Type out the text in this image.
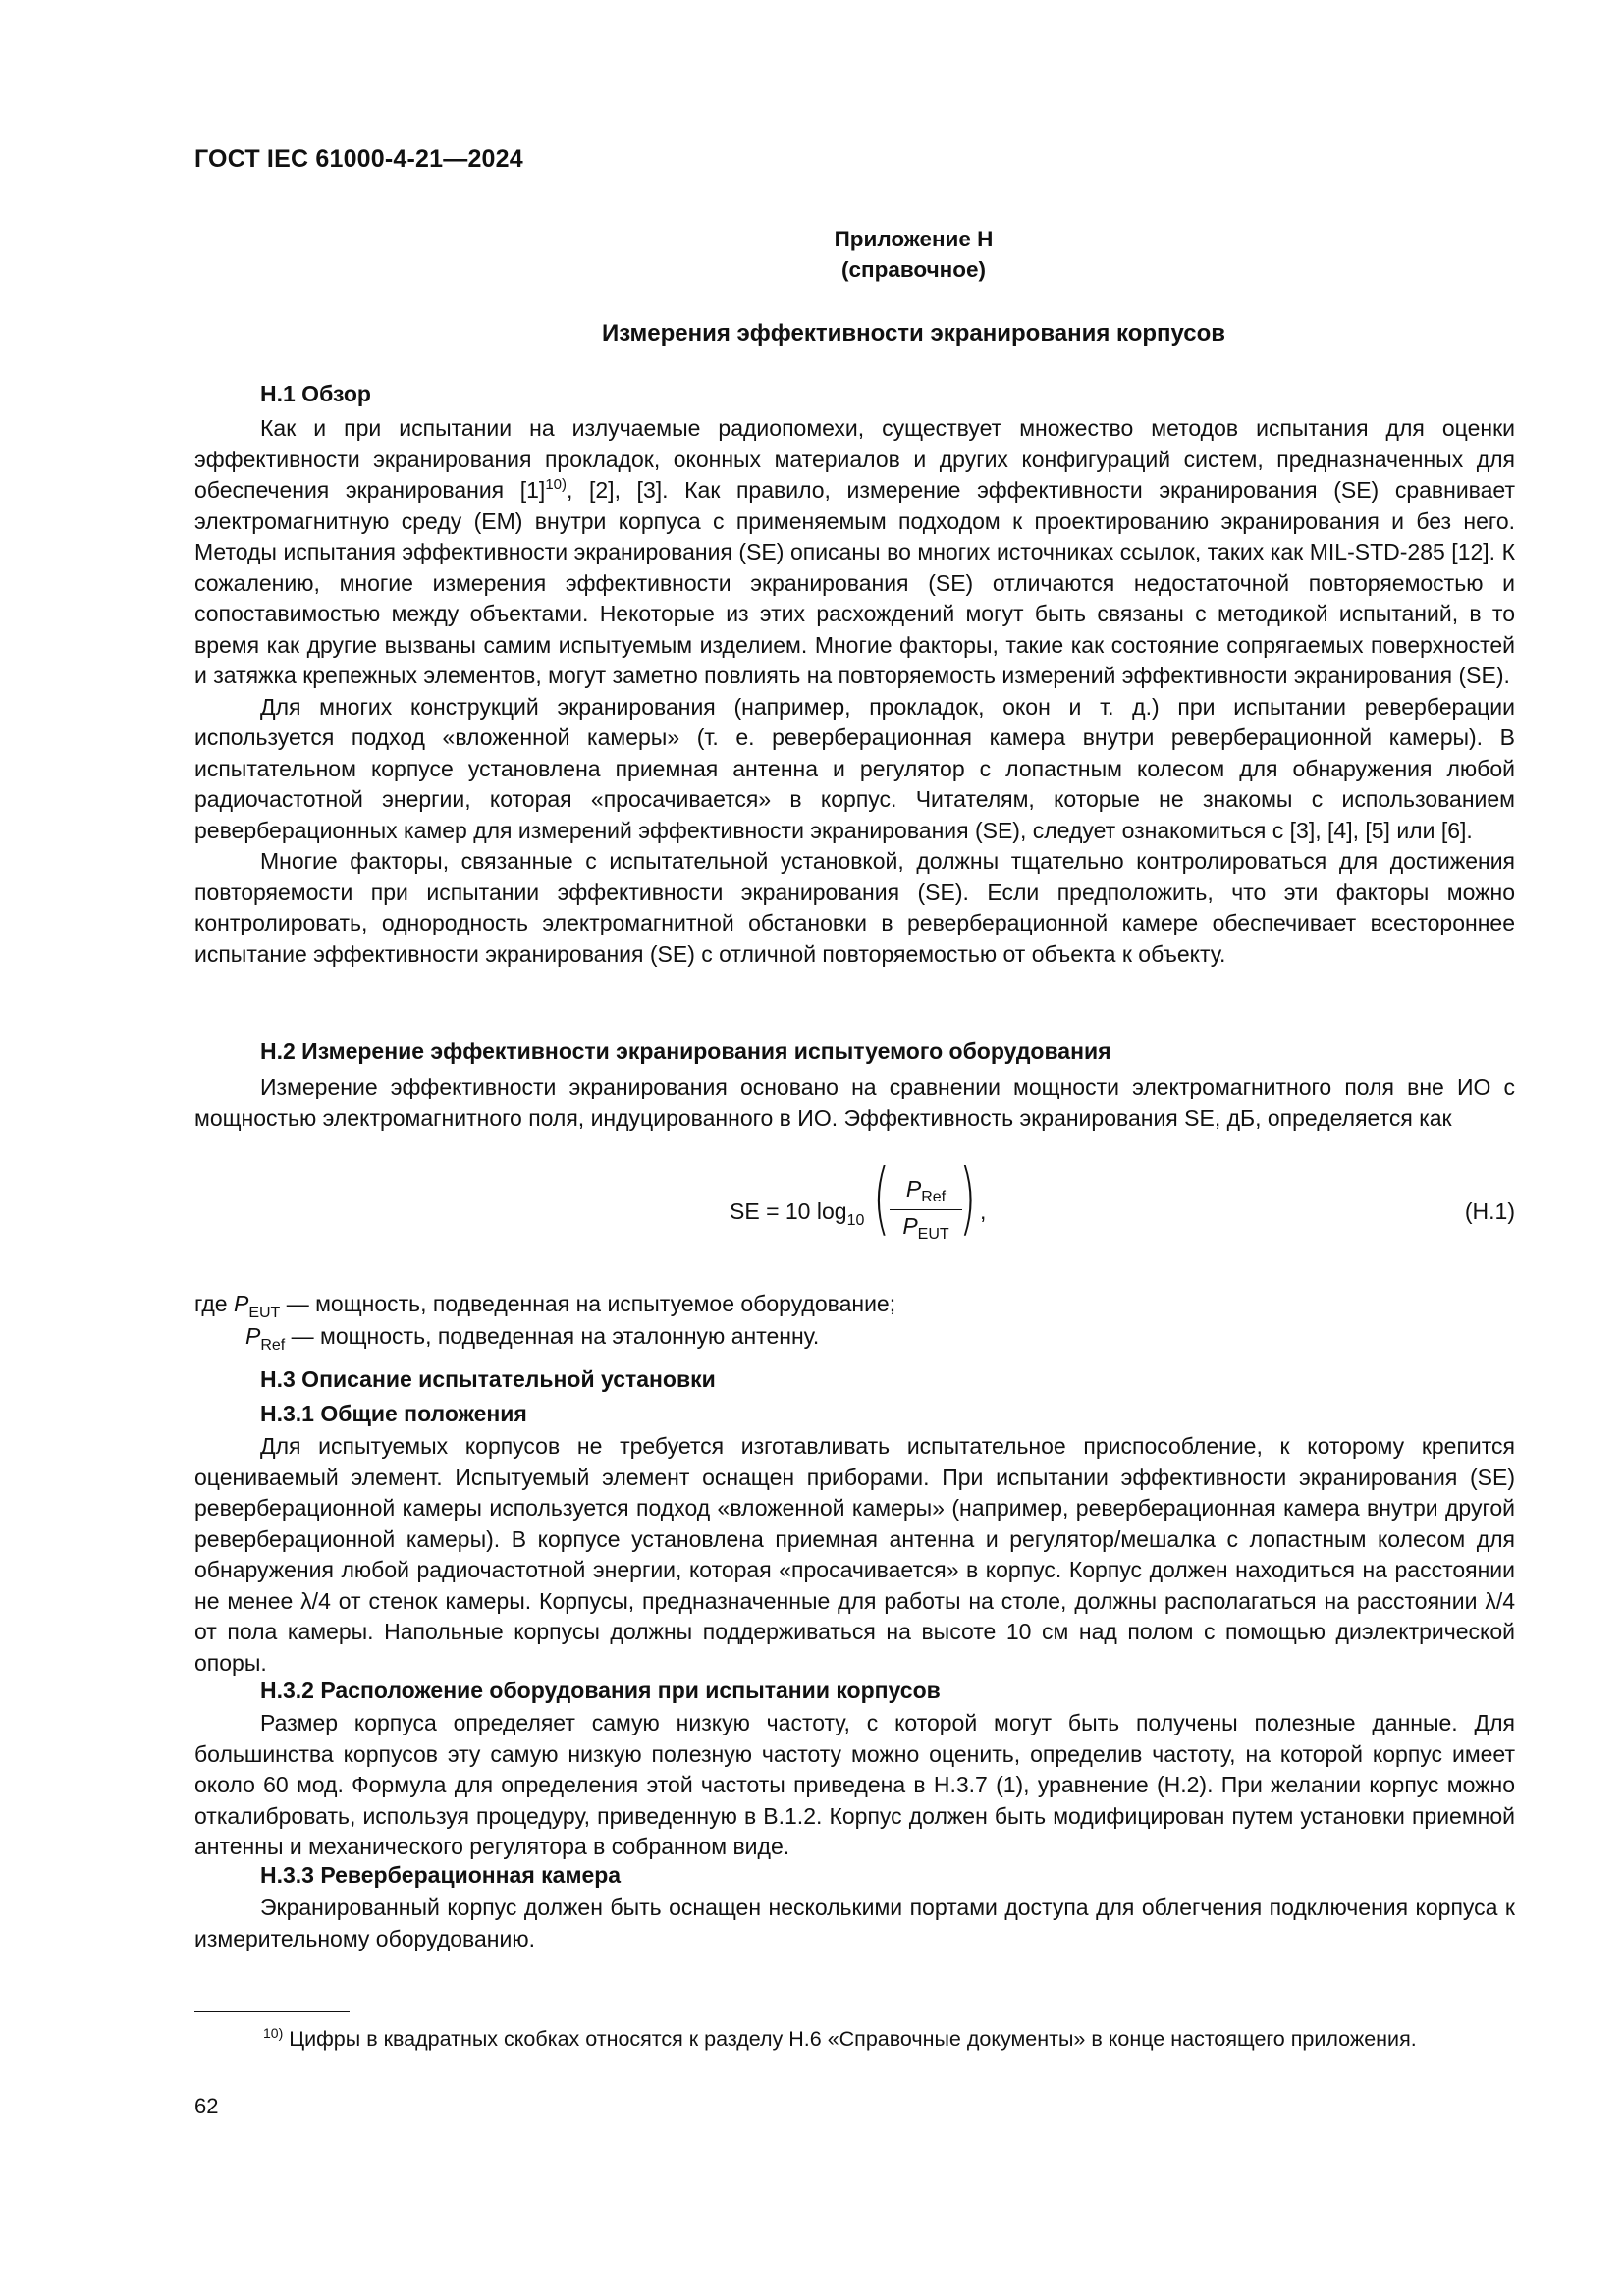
ГОСТ IEC 61000-4-21—2024
Приложение Н
(справочное)
Измерения эффективности экранирования корпусов
Н.1 Обзор

Как и при испытании на излучаемые радиопомехи, существует множество методов испытания для оценки эффективности экранирования прокладок, оконных материалов и других конфигураций систем, предназначенных для обеспечения экранирования $[1]^{10)}$, [2], [3]. Как правило, измерение эффективности экранирования (SE) сравнивает электромагнитную среду (ЕМ) внутри корпуса с применяемым подходом к проектированию экранирования и без него. Методы испытания эффективности экранирования (SE) описаны во многих источниках ссылок, таких как MIL-STD-285 [12]. К сожалению, многие измерения эффективности экранирования (SE) отличаются недостаточной повторяемостью и сопоставимостью между объектами. Некоторые из этих расхождений могут быть связаны с методикой испытаний, в то время как другие вызваны самим испытуемым изделием. Многие факторы, такие как состояние сопрягаемых поверхностей и затяжка крепежных элементов, могут заметно повлиять на повторяемость измерений эффективности экранирования (SE).

Для многих конструкций экранирования (например, прокладок, окон и т. д.) при испытании реверберации используется подход «вложенной камеры» (т. е. реверберационная камера внутри реверберационной камеры). В испытательном корпусе установлена приемная антенна и регулятор с лопастным колесом для обнаружения любой радиочастотной энергии, которая «просачивается» в корпус. Читателям, которые не знакомы с использованием реверберационных камер для измерений эффективности экранирования (SE), следует ознакомиться с [3], [4], [5] или [6].

Многие факторы, связанные с испытательной установкой, должны тщательно контролироваться для достижения повторяемости при испытании эффективности экранирования (SE). Если предположить, что эти факторы можно контролировать, однородность электромагнитной обстановки в реверберационной камере обеспечивает всестороннее испытание эффективности экранирования (SE) с отличной повторяемостью от объекта к объекту.

Н.2 Измерение эффективности экранирования испытуемого оборудования

Измерение эффективности экранирования основано на сравнении мощности электромагнитного поля вне ИО с мощностью электромагнитного поля, индуцированного в ИО. Эффективность экранирования SE, дБ, определяется как

SE = 10 $\log_{10}$ ( $P_{Ref}$
$P_{EUT}$ ) ,	(Н.1)
где $P_{EUT}$ — мощность, подведенная на испытуемое оборудование;
$P_{Ref}$ — мощность, подведенная на эталонную антенну.
Н.3 Описание испытательной установки
Н.3.1 Общие положения

Для испытуемых корпусов не требуется изготавливать испытательное приспособление, к которому крепится оцениваемый элемент. Испытуемый элемент оснащен приборами. При испытании эффективности экранирования (SE) реверберационной камеры используется подход «вложенной камеры» (например, реверберационная камера внутри другой реверберационной камеры). В корпусе установлена приемная антенна и регулятор/мешалка с лопастным колесом для обнаружения любой радиочастотной энергии, которая «просачивается» в корпус. Корпус должен находиться на расстоянии не менее λ/4 от стенок камеры. Корпусы, предназначенные для работы на столе, должны располагаться на расстоянии λ/4 от пола камеры. Напольные корпусы должны поддерживаться на высоте 10 см над полом с помощью диэлектрической опоры.

Н.3.2 Расположение оборудования при испытании корпусов

Размер корпуса определяет самую низкую частоту, с которой могут быть получены полезные данные. Для большинства корпусов эту самую низкую полезную частоту можно оценить, определив частоту, на которой корпус имеет около 60 мод. Формула для определения этой частоты приведена в Н.3.7 (1), уравнение (Н.2). При желании корпус можно откалибровать, используя процедуру, приведенную в В.1.2. Корпус должен быть модифицирован путем установки приемной антенны и механического регулятора в собранном виде.

Н.3.3 Реверберационная камера

Экранированный корпус должен быть оснащен несколькими портами доступа для облегчения подключения корпуса к измерительному оборудованию.

$^{10)}$ Цифры в квадратных скобках относятся к разделу Н.6 «Справочные документы» в конце настоящего приложения.

62
